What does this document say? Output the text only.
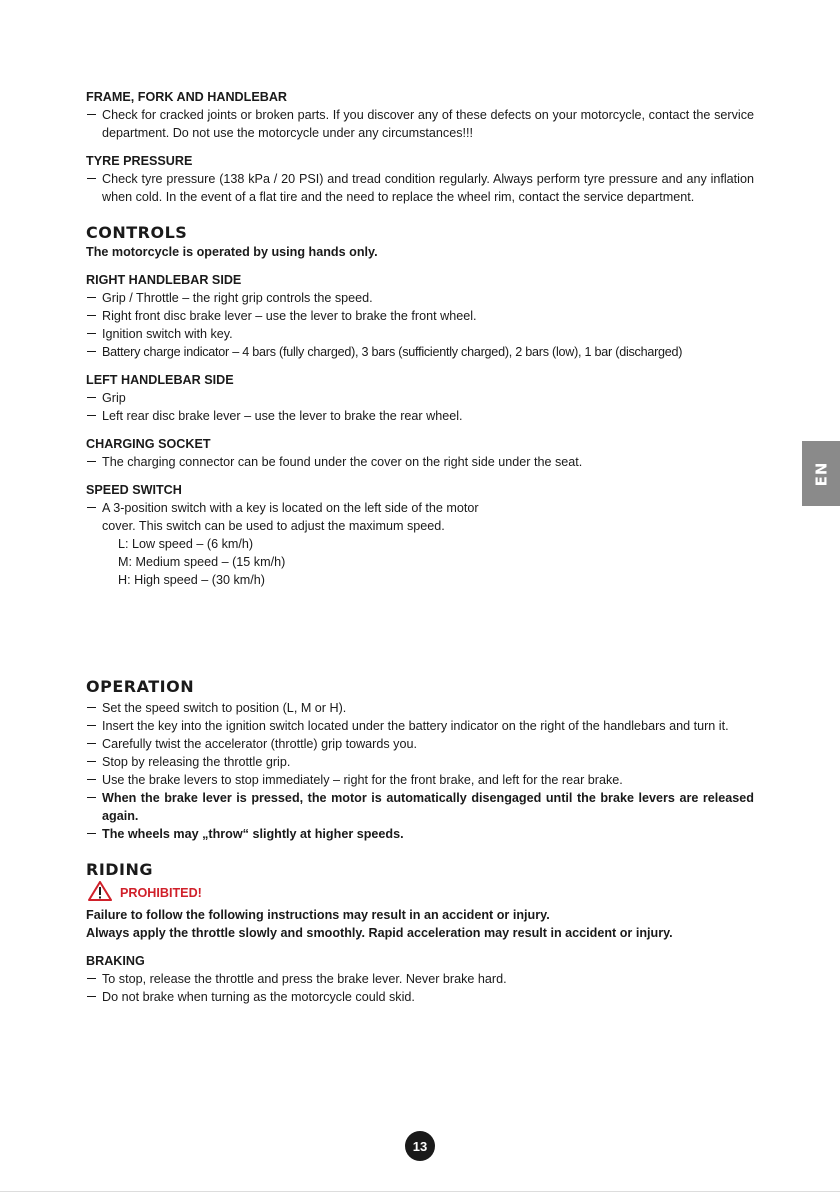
FRAME, FORK AND HANDLEBAR

Check for cracked joints or broken parts. If you discover any of these defects on your motorcycle, contact the service department. Do not use the motorcycle under any circumstances!!!

TYRE PRESSURE

Check tyre pressure (138 kPa / 20 PSI) and tread condition regularly. Always perform tyre pressure and any inflation when cold. In the event of a flat tire and the need to replace the wheel rim, contact the service department.

CONTROLS

The motorcycle is operated by using hands only.

RIGHT HANDLEBAR SIDE

Grip / Throttle – the right grip controls the speed.
Right front disc brake lever – use the lever to brake the front wheel.
Ignition switch with key.
Battery charge indicator – 4 bars (fully charged), 3 bars (sufficiently charged), 2 bars (low), 1 bar (discharged)

LEFT HANDLEBAR SIDE

Grip
Left rear disc brake lever – use the lever to brake the rear wheel.

CHARGING SOCKET

The charging connector can be found under the cover on the right side under the seat.

SPEED SWITCH

A 3-position switch with a key is located on the left side of the motor
cover. This switch can be used to adjust the maximum speed.
L: Low speed – (6 km/h)
M: Medium speed – (15 km/h)
H: High speed – (30 km/h)

OPERATION

Set the speed switch to position (L, M or H).
Insert the key into the ignition switch located under the battery indicator on the right of the handlebars and turn it.
Carefully twist the accelerator (throttle) grip towards you.
Stop by releasing the throttle grip.
Use the brake levers to stop immediately – right for the front brake, and left for the rear brake.
When the brake lever is pressed, the motor is automatically disengaged until the brake levers are released again.
The wheels may „throw“ slightly at higher speeds.

RIDING

PROHIBITED!

Failure to follow the following instructions may result in an accident or injury.

Always apply the throttle slowly and smoothly. Rapid acceleration may result in accident or injury.

BRAKING

To stop, release the throttle and press the brake lever. Never brake hard.
Do not brake when turning as the motorcycle could skid.
EN
13
